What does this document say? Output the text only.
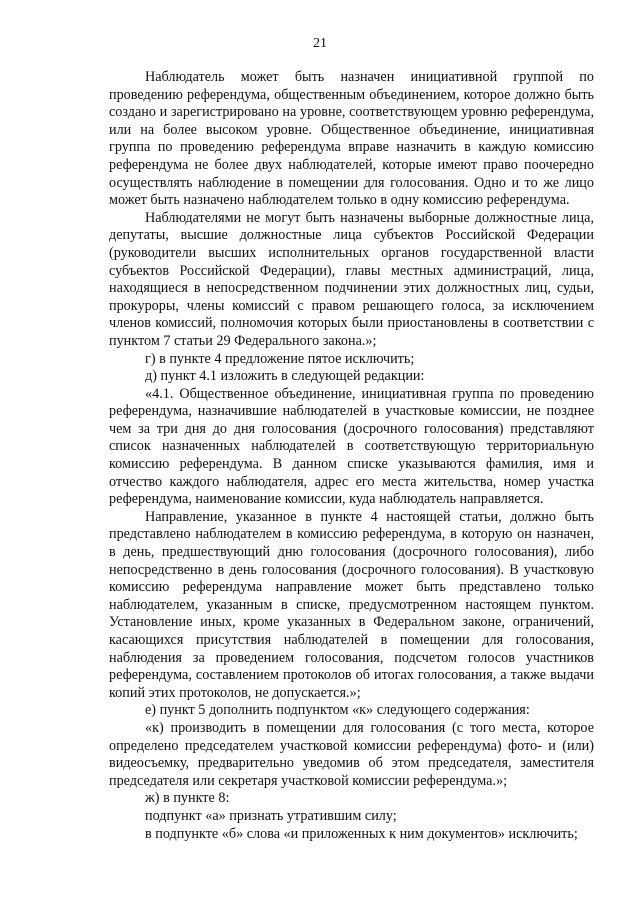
21

Наблюдатель может быть назначен инициативной группой по проведению референдума, общественным объединением, которое должно быть создано и зарегистрировано на уровне, соответствующем уровню референдума, или на более высоком уровне. Общественное объединение, инициативная группа по проведению референдума вправе назначить в каждую комиссию референдума не более двух наблюдателей, которые имеют право поочередно осуществлять наблюдение в помещении для голосования. Одно и то же лицо может быть назначено наблюдателем только в одну комиссию референдума.

Наблюдателями не могут быть назначены выборные должностные лица, депутаты, высшие должностные лица субъектов Российской Федерации (руководители высших исполнительных органов государственной власти субъектов Российской Федерации), главы местных администраций, лица, находящиеся в непосредственном подчинении этих должностных лиц, судьи, прокуроры, члены комиссий с правом решающего голоса, за исключением членов комиссий, полномочия которых были приостановлены в соответствии с пунктом 7 статьи 29 Федерального закона.»;

г) в пункте 4 предложение пятое исключить;

д) пункт 4.1 изложить в следующей редакции:

«4.1. Общественное объединение, инициативная группа по проведению референдума, назначившие наблюдателей в участковые комиссии, не позднее чем за три дня до дня голосования (досрочного голосования) представляют список назначенных наблюдателей в соответствующую территориальную комиссию референдума. В данном списке указываются фамилия, имя и отчество каждого наблюдателя, адрес его места жительства, номер участка референдума, наименование комиссии, куда наблюдатель направляется.

Направление, указанное в пункте 4 настоящей статьи, должно быть представлено наблюдателем в комиссию референдума, в которую он назначен, в день, предшествующий дню голосования (досрочного голосования), либо непосредственно в день голосования (досрочного голосования). В участковую комиссию референдума направление может быть представлено только наблюдателем, указанным в списке, предусмотренном настоящем пунктом. Установление иных, кроме указанных в Федеральном законе, ограничений, касающихся присутствия наблюдателей в помещении для голосования, наблюдения за проведением голосования, подсчетом голосов участников референдума, составлением протоколов об итогах голосования, а также выдачи копий этих протоколов, не допускается.»;

е) пункт 5 дополнить подпунктом «к» следующего содержания:

«к) производить в помещении для голосования (с того места, которое определено председателем участковой комиссии референдума) фото- и (или) видеосъемку, предварительно уведомив об этом председателя, заместителя председателя или секретаря участковой комиссии референдума.»;

ж) в пункте 8:

подпункт «а» признать утратившим силу;

в подпункте «б» слова «и приложенных к ним документов» исключить;
